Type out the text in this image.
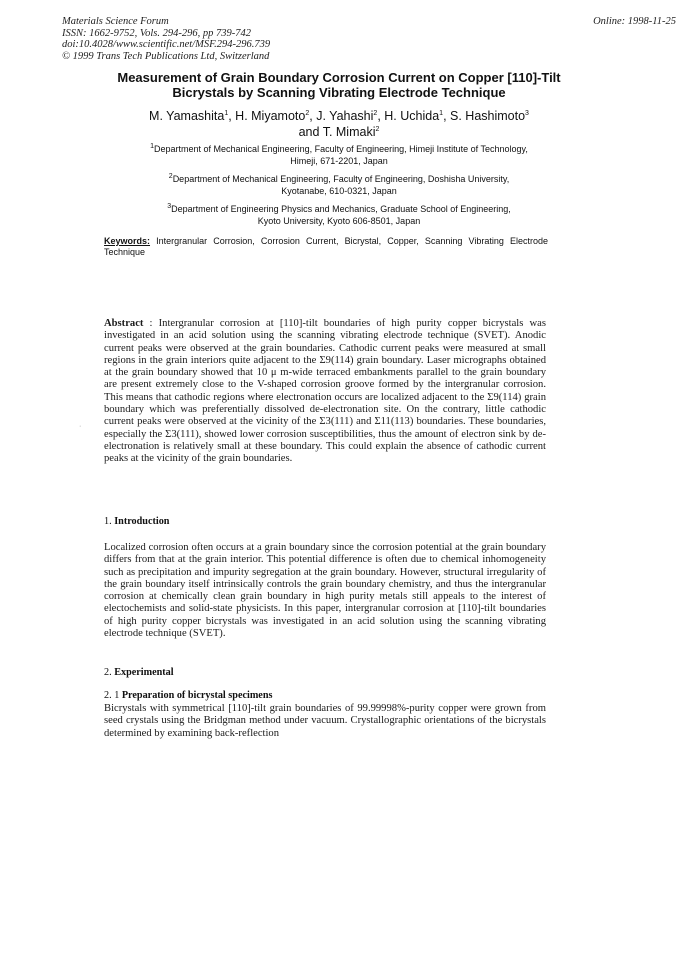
Materials Science Forum
ISSN: 1662-9752, Vols. 294-296, pp 739-742
doi:10.4028/www.scientific.net/MSF.294-296.739
© 1999 Trans Tech Publications Ltd, Switzerland
Online: 1998-11-25
Measurement of Grain Boundary Corrosion Current on Copper [110]-Tilt
Bicrystals by Scanning Vibrating Electrode Technique
M. Yamashita$^1$, H. Miyamoto$^2$, J. Yahashi$^2$, H. Uchida$^1$, S. Hashimoto$^3$
and T. Mimaki$^2$
$^1$Department of Mechanical Engineering, Faculty of Engineering, Himeji Institute of Technology,
Himeji, 671-2201, Japan
$^2$Department of Mechanical Engineering, Faculty of Engineering, Doshisha University,
Kyotanabe, 610-0321, Japan
$^3$Department of Engineering Physics and Mechanics, Graduate School of Engineering,
Kyoto University, Kyoto 606-8501, Japan
Keywords: Intergranular Corrosion, Corrosion Current, Bicrystal, Copper, Scanning Vibrating Electrode Technique
·
Abstract : Intergranular corrosion at [110]-tilt boundaries of high purity copper bicrystals was investigated in an acid solution using the scanning vibrating electrode technique (SVET). Anodic current peaks were observed at the grain boundaries. Cathodic current peaks were measured at small regions in the grain interiors quite adjacent to the Σ9(114) grain boundary. Laser micrographs obtained at the grain boundary showed that 10 μ m-wide terraced embankments parallel to the grain boundary are present extremely close to the V-shaped corrosion groove formed by the intergranular corrosion. This means that cathodic regions where electronation occurs are localized adjacent to the Σ9(114) grain boundary which was preferentially dissolved de-electronation site. On the contrary, little cathodic current peaks were observed at the vicinity of the Σ3(111) and Σ11(113) boundaries. These boundaries, especially the Σ3(111), showed lower corrosion susceptibilities, thus the amount of electron sink by de-electronation is relatively small at these boundary. This could explain the absence of cathodic current peaks at the vicinity of the grain boundaries.
1. Introduction
Localized corrosion often occurs at a grain boundary since the corrosion potential at the grain boundary differs from that at the grain interior. This potential difference is often due to chemical inhomogeneity such as precipitation and impurity segregation at the grain boundary. However, structural irregularity of the grain boundary itself intrinsically controls the grain boundary chemistry, and thus the intergranular corrosion at chemically clean grain boundary in high purity metals still appeals to the interest of electochemists and solid-state physicists. In this paper, intergranular corrosion at [110]-tilt boundaries of high purity copper bicrystals was investigated in an acid solution using the scanning vibrating electrode technique (SVET).
2. Experimental
2. 1 Preparation of bicrystal specimens
Bicrystals with symmetrical [110]-tilt grain boundaries of 99.99998%-purity copper were grown from seed crystals using the Bridgman method under vacuum. Crystallographic orientations of the bicrystals determined by examining back-reflection
